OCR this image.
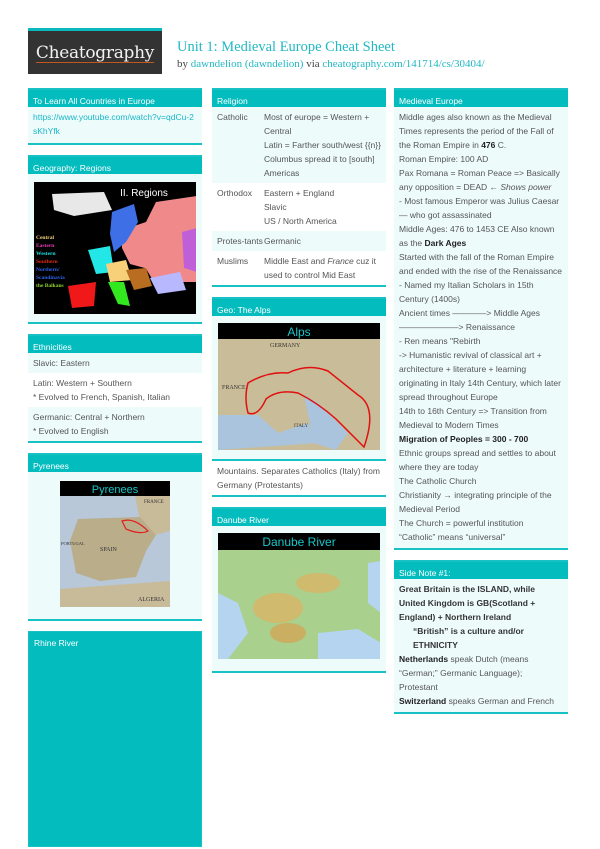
Cheatography Unit 1: Medieval Europe Cheat Sheet
by dawndelion (dawndelion) via cheatography.com/141714/cs/30404/
To Learn All Countries in Europe
https://www.youtube.com/watch?v=qdCu-2sKhYfk
Geography: Regions
II. Regions
Central
Eastern
Western
Southern
Northern/
Scandinavia
the Balkans
Ethnicities
Slavic: Eastern
Latin: Western + Southern
* Evolved to French, Spanish, Italian
Germanic: Central + Northern
* Evolved to English
Pyrenees
Pyrenees
SPAIN
FRANCE
PORTUGAL
ALGERIA
Rhine River
Religion
Catholic	Most of europe = Western + Central
Latin = Farther south/west {{n}}
Columbus spread it to [south] Americas
Orthodox	Eastern + England
Slavic
US / North America
Protes-tants Germanic
Muslims	Middle East and France cuz it used to control Mid East
Geo: The Alps
Alps
GERMANY
FRANCE
ITALY
Mountains. Separates Catholics (Italy) from Germany (Protestants)
Danube River
Danube River
Medieval Europe
Middle ages also known as the Medieval Times represents the period of the Fall of the Roman Empire in 476 C.
Roman Empire: 100 AD
Pax Romana = Roman Peace => Basically any opposition = DEAD ← Shows power
- Most famous Emperor was Julius Caesar — who got assassinated
Middle Ages: 476 to 1453 CE Also known as the Dark Ages
Started with the fall of the Roman Empire and ended with the rise of the Renaissance
- Named my Italian Scholars in 15th Century (1400s)
Ancient times ————> Middle Ages
———————> Renaissance
- Ren means "Rebirth
-> Humanistic revival of classical art + architecture + literature + learning originating in Italy 14th Century, which later spread throughout Europe
14th to 16th Century => Transition from Medieval to Modern Times
Migration of Peoples = 300 - 700
Ethnic groups spread and settles to about where they are today
The Catholic Church
Christianity → integrating principle of the Medieval Period
The Church = powerful institution
“Catholic” means “universal”
Side Note #1:
Great Britain is the ISLAND, while United Kingdom is GB(Scotland + England) + Northern Ireland
“British” is a culture and/or ETHNICITY
Netherlands speak Dutch (means “German;” Germanic Language); Protestant
Switzerland speaks German and French
